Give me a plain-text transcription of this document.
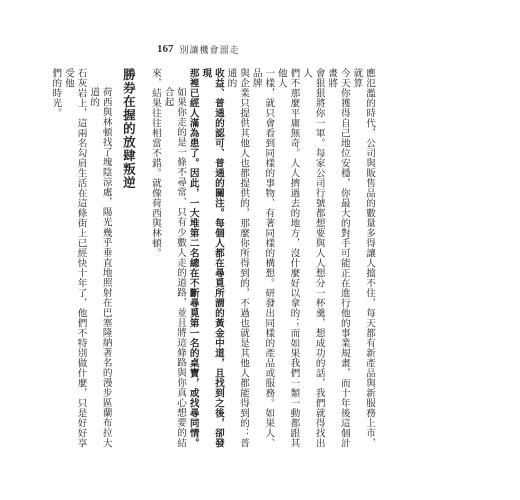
167 別讓機會溜走
應氾濫的時代，公司與販售品的數量多得讓人擋不住，每天都有新產品與新服務上市，就算
今天你獲得自己地位安穩，你最大的對手可能正在進行他的事業規畫，而十年後這個計畫將
會狠狠將你一軍。每家公司行號都想要與人人想分一杯羹，想成功的話，我們就得找出人
們不那麼平庸無奇。人人擠過去的地方，沒什麼好以拿的；而如果我們一類一動都跟其他人
一樣，就只會看到同樣的事物、有著同樣的構想。研發出同樣的產品或服務。如果人、品牌
與企業只提供其他人也都提供的，那麼你所得到的，不過也就是其他人都能得到的：普通的
收益、普通的認可、普通的關注。每個人都在尋覓所謂的黃金中道，且找到之後，卻發現
那裡已經人滿為患了。因此，一大堆第二名總在不斷尋覓第一名的桌寶，或找尋同情。
如果你走的是一條不尋常、只有少數人走的道路，並且將這條路與你真心想要的結合起
來，結果往往相當不錯。就像荷西與林頓。
勝券在握的放肆叛逆
荷西與林頓找了塊陰涼處，陽光幾乎垂直地照射在巴塞隆納著名的漫步區蘭布拉大道的
石灰岩上，這兩名勾肩生活在這條街上已經快十年了，他們不特別做什麼，只是好好享受他
們的時光。
